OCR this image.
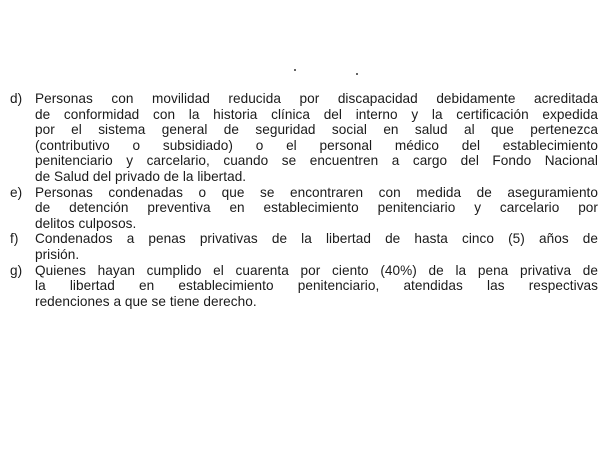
d) Personas con movilidad reducida por discapacidad debidamente acreditada
de conformidad con la historia clínica del interno y la certificación expedida
por el sistema general de seguridad social en salud al que pertenezca
(contributivo o subsidiado) o el personal médico del establecimiento
penitenciario y carcelario, cuando se encuentren a cargo del Fondo Nacional
de Salud del privado de la libertad.
e) Personas condenadas o que se encontraren con medida de aseguramiento
de detención preventiva en establecimiento penitenciario y carcelario por
delitos culposos.
f) Condenados a penas privativas de la libertad de hasta cinco (5) años de
prisión.
g) Quienes hayan cumplido el cuarenta por ciento (40%) de la pena privativa de
la libertad en establecimiento penitenciario, atendidas las respectivas
redenciones a que se tiene derecho.
